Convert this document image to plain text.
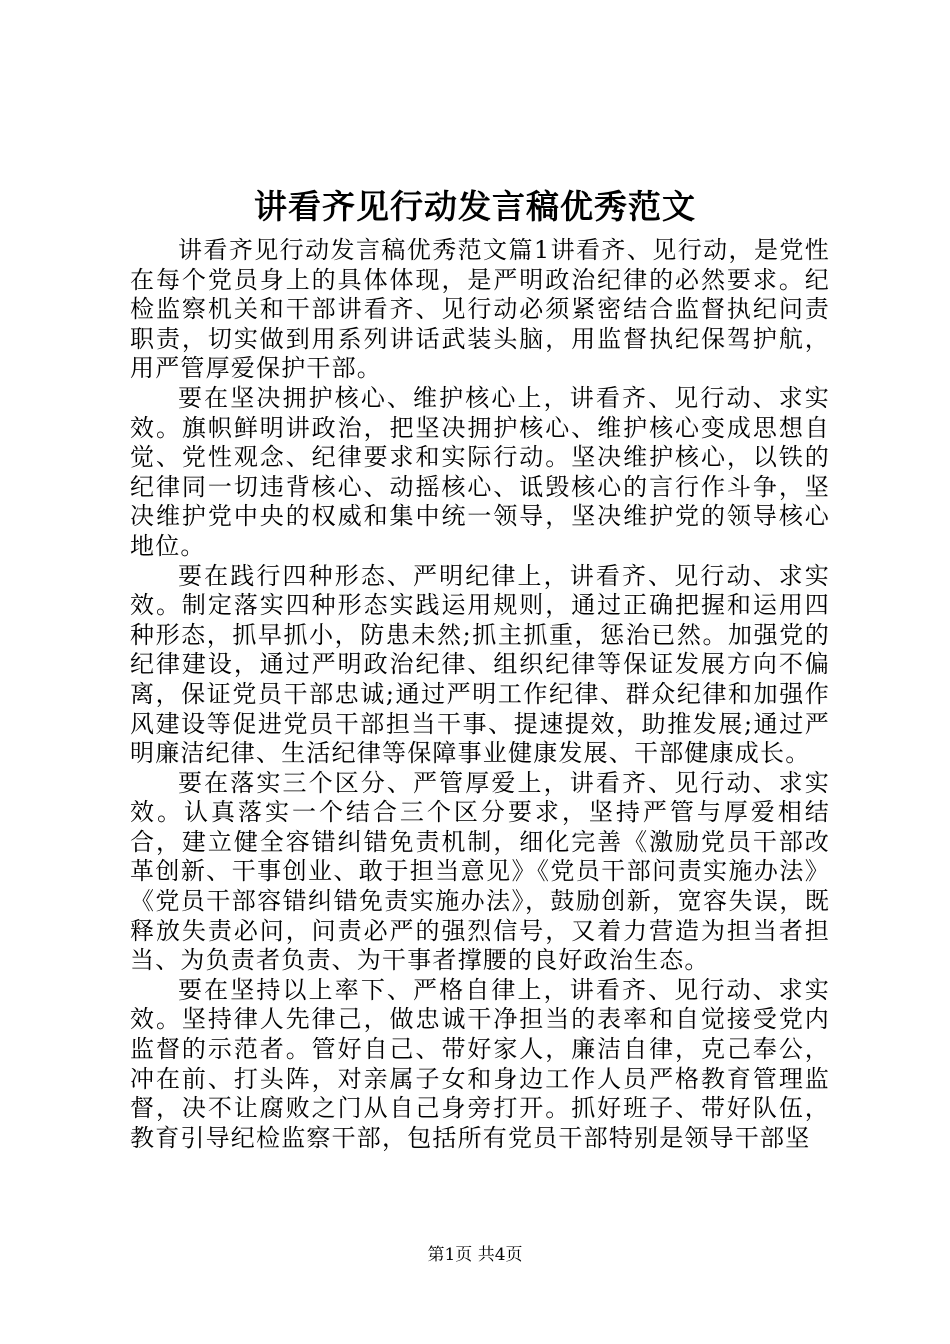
讲看齐见行动发言稿优秀范文

讲看齐见行动发言稿优秀范文篇1讲看齐、见行动，是党性在每个党员身上的具体体现，是严明政治纪律的必然要求。纪检监察机关和干部讲看齐、见行动必须紧密结合监督执纪问责职责，切实做到用系列讲话武装头脑，用监督执纪保驾护航，用严管厚爱保护干部。

要在坚决拥护核心、维护核心上，讲看齐、见行动、求实效。旗帜鲜明讲政治，把坚决拥护核心、维护核心变成思想自觉、党性观念、纪律要求和实际行动。坚决维护核心，以铁的纪律同一切违背核心、动摇核心、诋毁核心的言行作斗争，坚决维护党中央的权威和集中统一领导，坚决维护党的领导核心地位。

要在践行四种形态、严明纪律上，讲看齐、见行动、求实效。制定落实四种形态实践运用规则，通过正确把握和运用四种形态，抓早抓小，防患未然;抓主抓重，惩治已然。加强党的纪律建设，通过严明政治纪律、组织纪律等保证发展方向不偏离，保证党员干部忠诚;通过严明工作纪律、群众纪律和加强作风建设等促进党员干部担当干事、提速提效，助推发展;通过严明廉洁纪律、生活纪律等保障事业健康发展、干部健康成长。

要在落实三个区分、严管厚爱上，讲看齐、见行动、求实效。认真落实一个结合三个区分要求，坚持严管与厚爱相结合，建立健全容错纠错免责机制，细化完善《激励党员干部改革创新、干事创业、敢于担当意见》《党员干部问责实施办法》《党员干部容错纠错免责实施办法》，鼓励创新，宽容失误，既释放失责必问，问责必严的强烈信号，又着力营造为担当者担当、为负责者负责、为干事者撑腰的良好政治生态。

要在坚持以上率下、严格自律上，讲看齐、见行动、求实效。坚持律人先律己，做忠诚干净担当的表率和自觉接受党内监督的示范者。管好自己、带好家人，廉洁自律，克己奉公，冲在前、打头阵，对亲属子女和身边工作人员严格教育管理监督，决不让腐败之门从自己身旁打开。抓好班子、带好队伍，教育引导纪检监察干部，包括所有党员干部特别是领导干部坚

第1页 共4页
